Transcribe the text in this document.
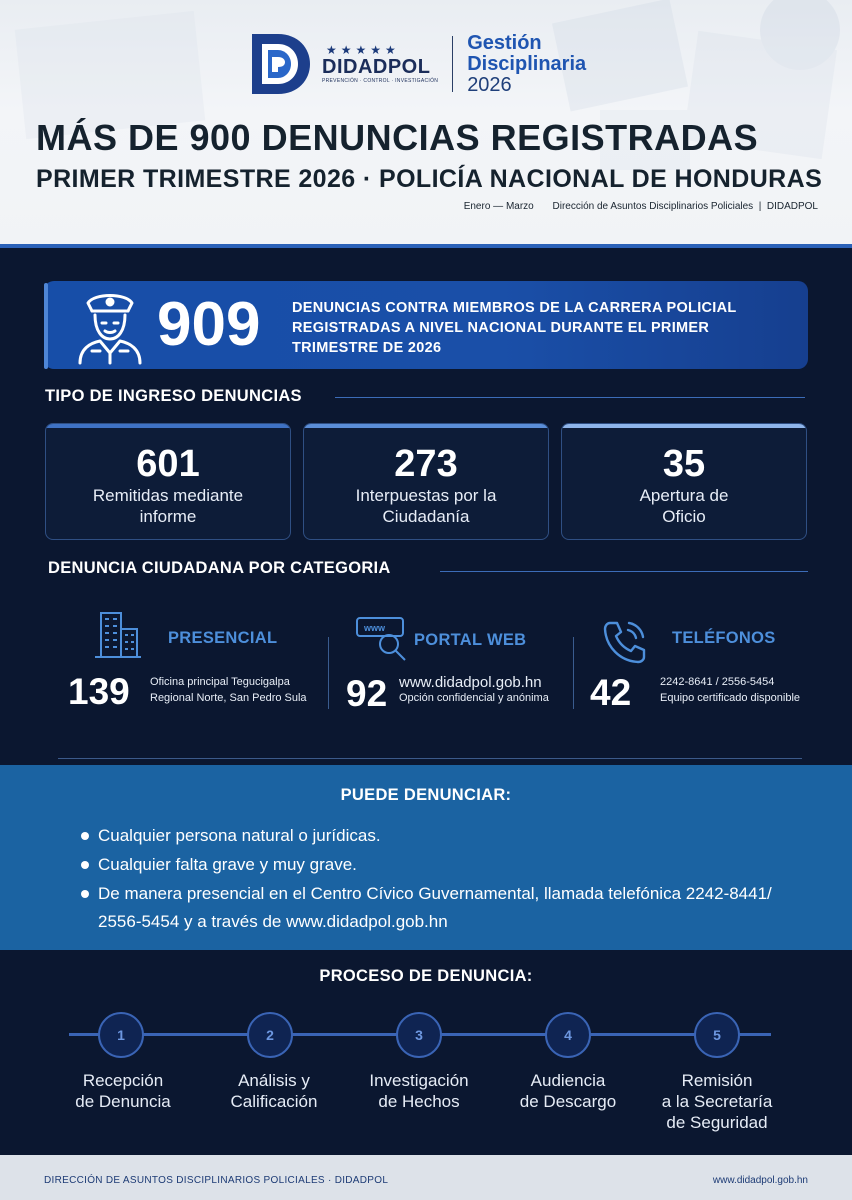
★★★★★
DIDADPOL
PREVENCIÓN · CONTROL · INVESTIGACIÓN
Gestión
Disciplinaria
2026
MÁS DE 900 DENUNCIAS REGISTRADAS
PRIMER TRIMESTRE 2026 · POLICÍA NACIONAL DE HONDURAS
Enero — Marzo Dirección de Asuntos Disciplinarios Policiales  |  DIDADPOL
909 DENUNCIAS CONTRA MIEMBROS DE LA CARRERA POLICIAL REGISTRADAS A NIVEL NACIONAL DURANTE EL PRIMER TRIMESTRE DE 2026
TIPO DE INGRESO DENUNCIAS
601
Remitidas mediante
informe
273
Interpuestas por la
Ciudadanía
35
Apertura de
Oficio
DENUNCIA CIUDADANA POR CATEGORIA
PRESENCIAL
139 Oficina principal Tegucigalpa
Regional Norte, San Pedro Sula
www
PORTAL WEB
92 www.didadpol.gob.hn
Opción confidencial y anónima
TELÉFONOS
42	2242-8641 / 2556-5454
Equipo certificado disponible
PUEDE DENUNCIAR:
Cualquier persona natural o jurídicas.
Cualquier falta grave y muy grave.
De manera presencial en el Centro Cívico Guvernamental, llamada telefónica 2242-8441/ 2556-5454 y a través de www.didadpol.gob.hn
PROCESO DE DENUNCIA:
1	2	3	4	5
Recepción
de Denuncia
Análisis y
Calificación
Investigación
de Hechos
Audiencia
de Descargo
Remisión
a la Secretaría
de Seguridad
DIRECCIÓN DE ASUNTOS DISCIPLINARIOS POLICIALES · DIDADPOL	www.didadpol.gob.hn
